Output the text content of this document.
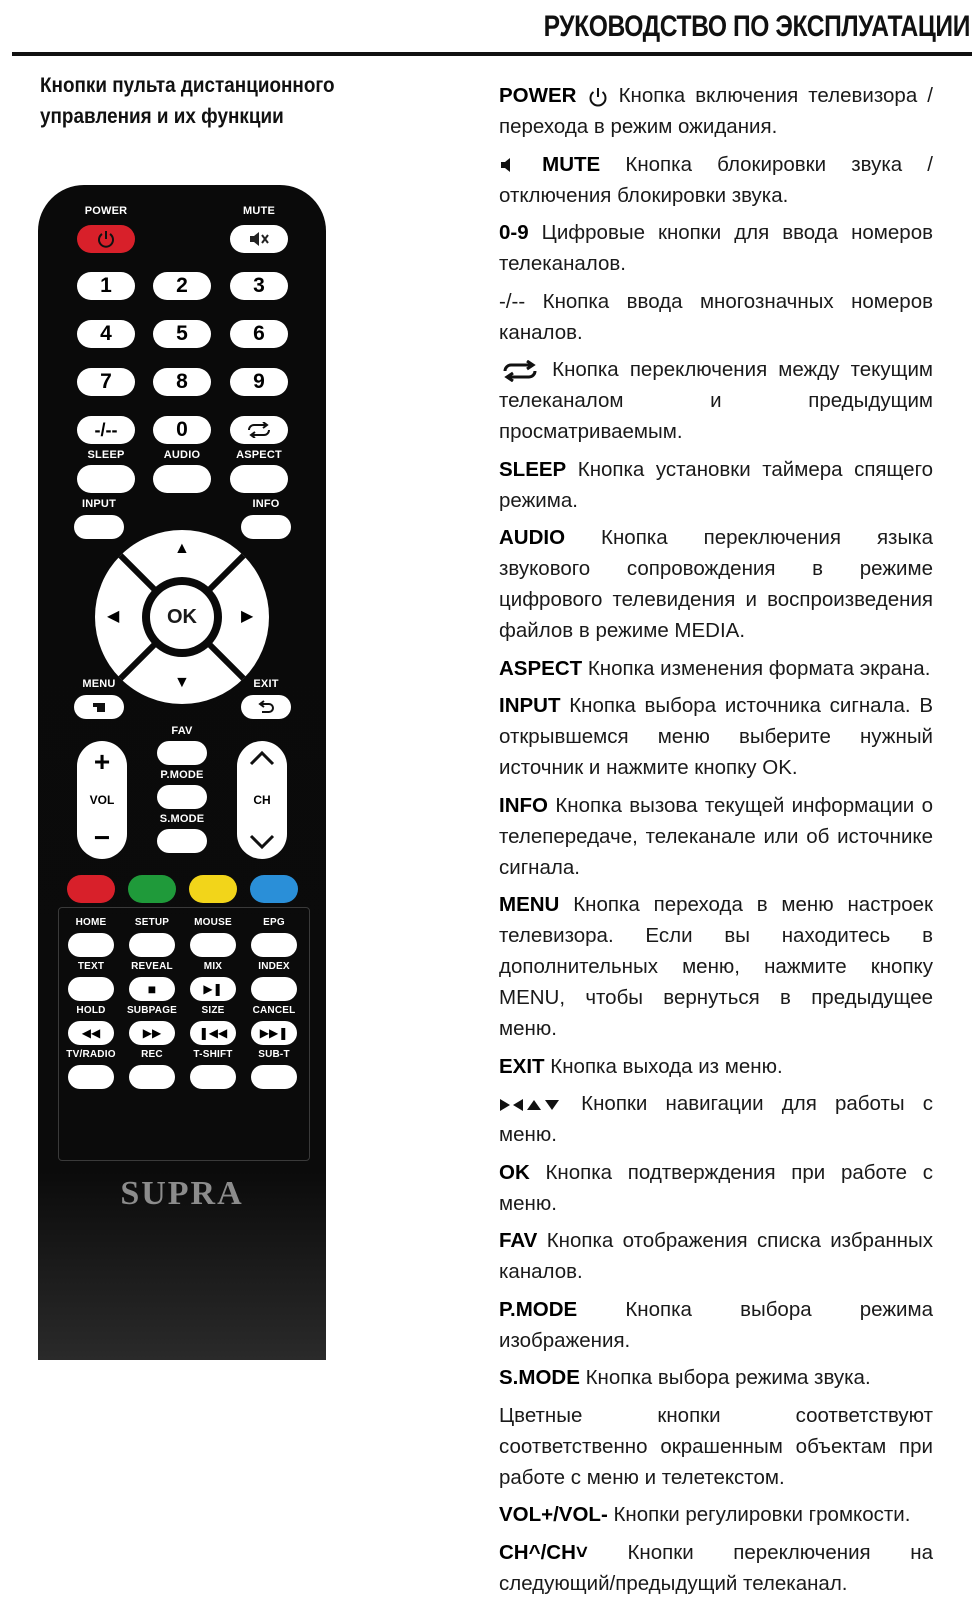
РУКОВОДСТВО ПО ЭКСПЛУАТАЦИИ
Кнопки пульта дистанционного управления и их функции
POWER	MUTE
1	2	3
4	5	6
7	8	9
-/--	0
SLEEP	AUDIO	ASPECT
INPUT	INFO
OK
▲
▼
◀	▶
MENU	EXIT
FAV
P.MODE
S.MODE
+
VOL
−
CH
HOME	SETUP	MOUSE	EPG
TEXT	REVEAL	MIX	INDEX
■	▶❚
HOLD	SUBPAGE	SIZE	CANCEL
◀◀	▶▶	❚◀◀	▶▶❚
TV/RADIO	REC	T-SHIFT	SUB-T
SUPRA

POWER Кнопка включения телевизора / перехода в режим ожидания.

MUTE Кнопка блокировки звука / отключения блокировки звука.

0-9 Цифровые кнопки для ввода номеров телеканалов.

-/-- Кнопка ввода многозначных номеров каналов.

Кнопка переключения между текущим телеканалом и предыдущим просматриваемым.

SLEEP Кнопка установки таймера спящего режима.

AUDIO Кнопка переключения языка звукового сопровождения в режиме цифрового телевидения и воспроизведения файлов в режиме MEDIA.

ASPECT Кнопка изменения формата экрана.

INPUT Кнопка выбора источника сигнала. В открывшемся меню выберите нужный источник и нажмите кнопку OK.

INFO Кнопка вызова текущей информации о телепередаче, телеканале или об источнике сигнала.

MENU Кнопка перехода в меню настроек телевизора. Если вы находитесь в дополнительных меню, нажмите кнопку MENU, чтобы вернуться в предыдущее меню.

EXIT Кнопка выхода из меню.

Кнопки навигации для работы с меню.

OK Кнопка подтверждения при работе с меню.

FAV Кнопка отображения списка избранных каналов.

P.MODE Кнопка выбора режима изображения.

S.MODE Кнопка выбора режима звука.

Цветные кнопки соответствуют соответственно окрашенным объектам при работе с меню и телетекстом.

VOL+/VOL- Кнопки регулировки громкости.

CH^/CH˅ Кнопки переключения на следующий/предыдущий телеканал.
